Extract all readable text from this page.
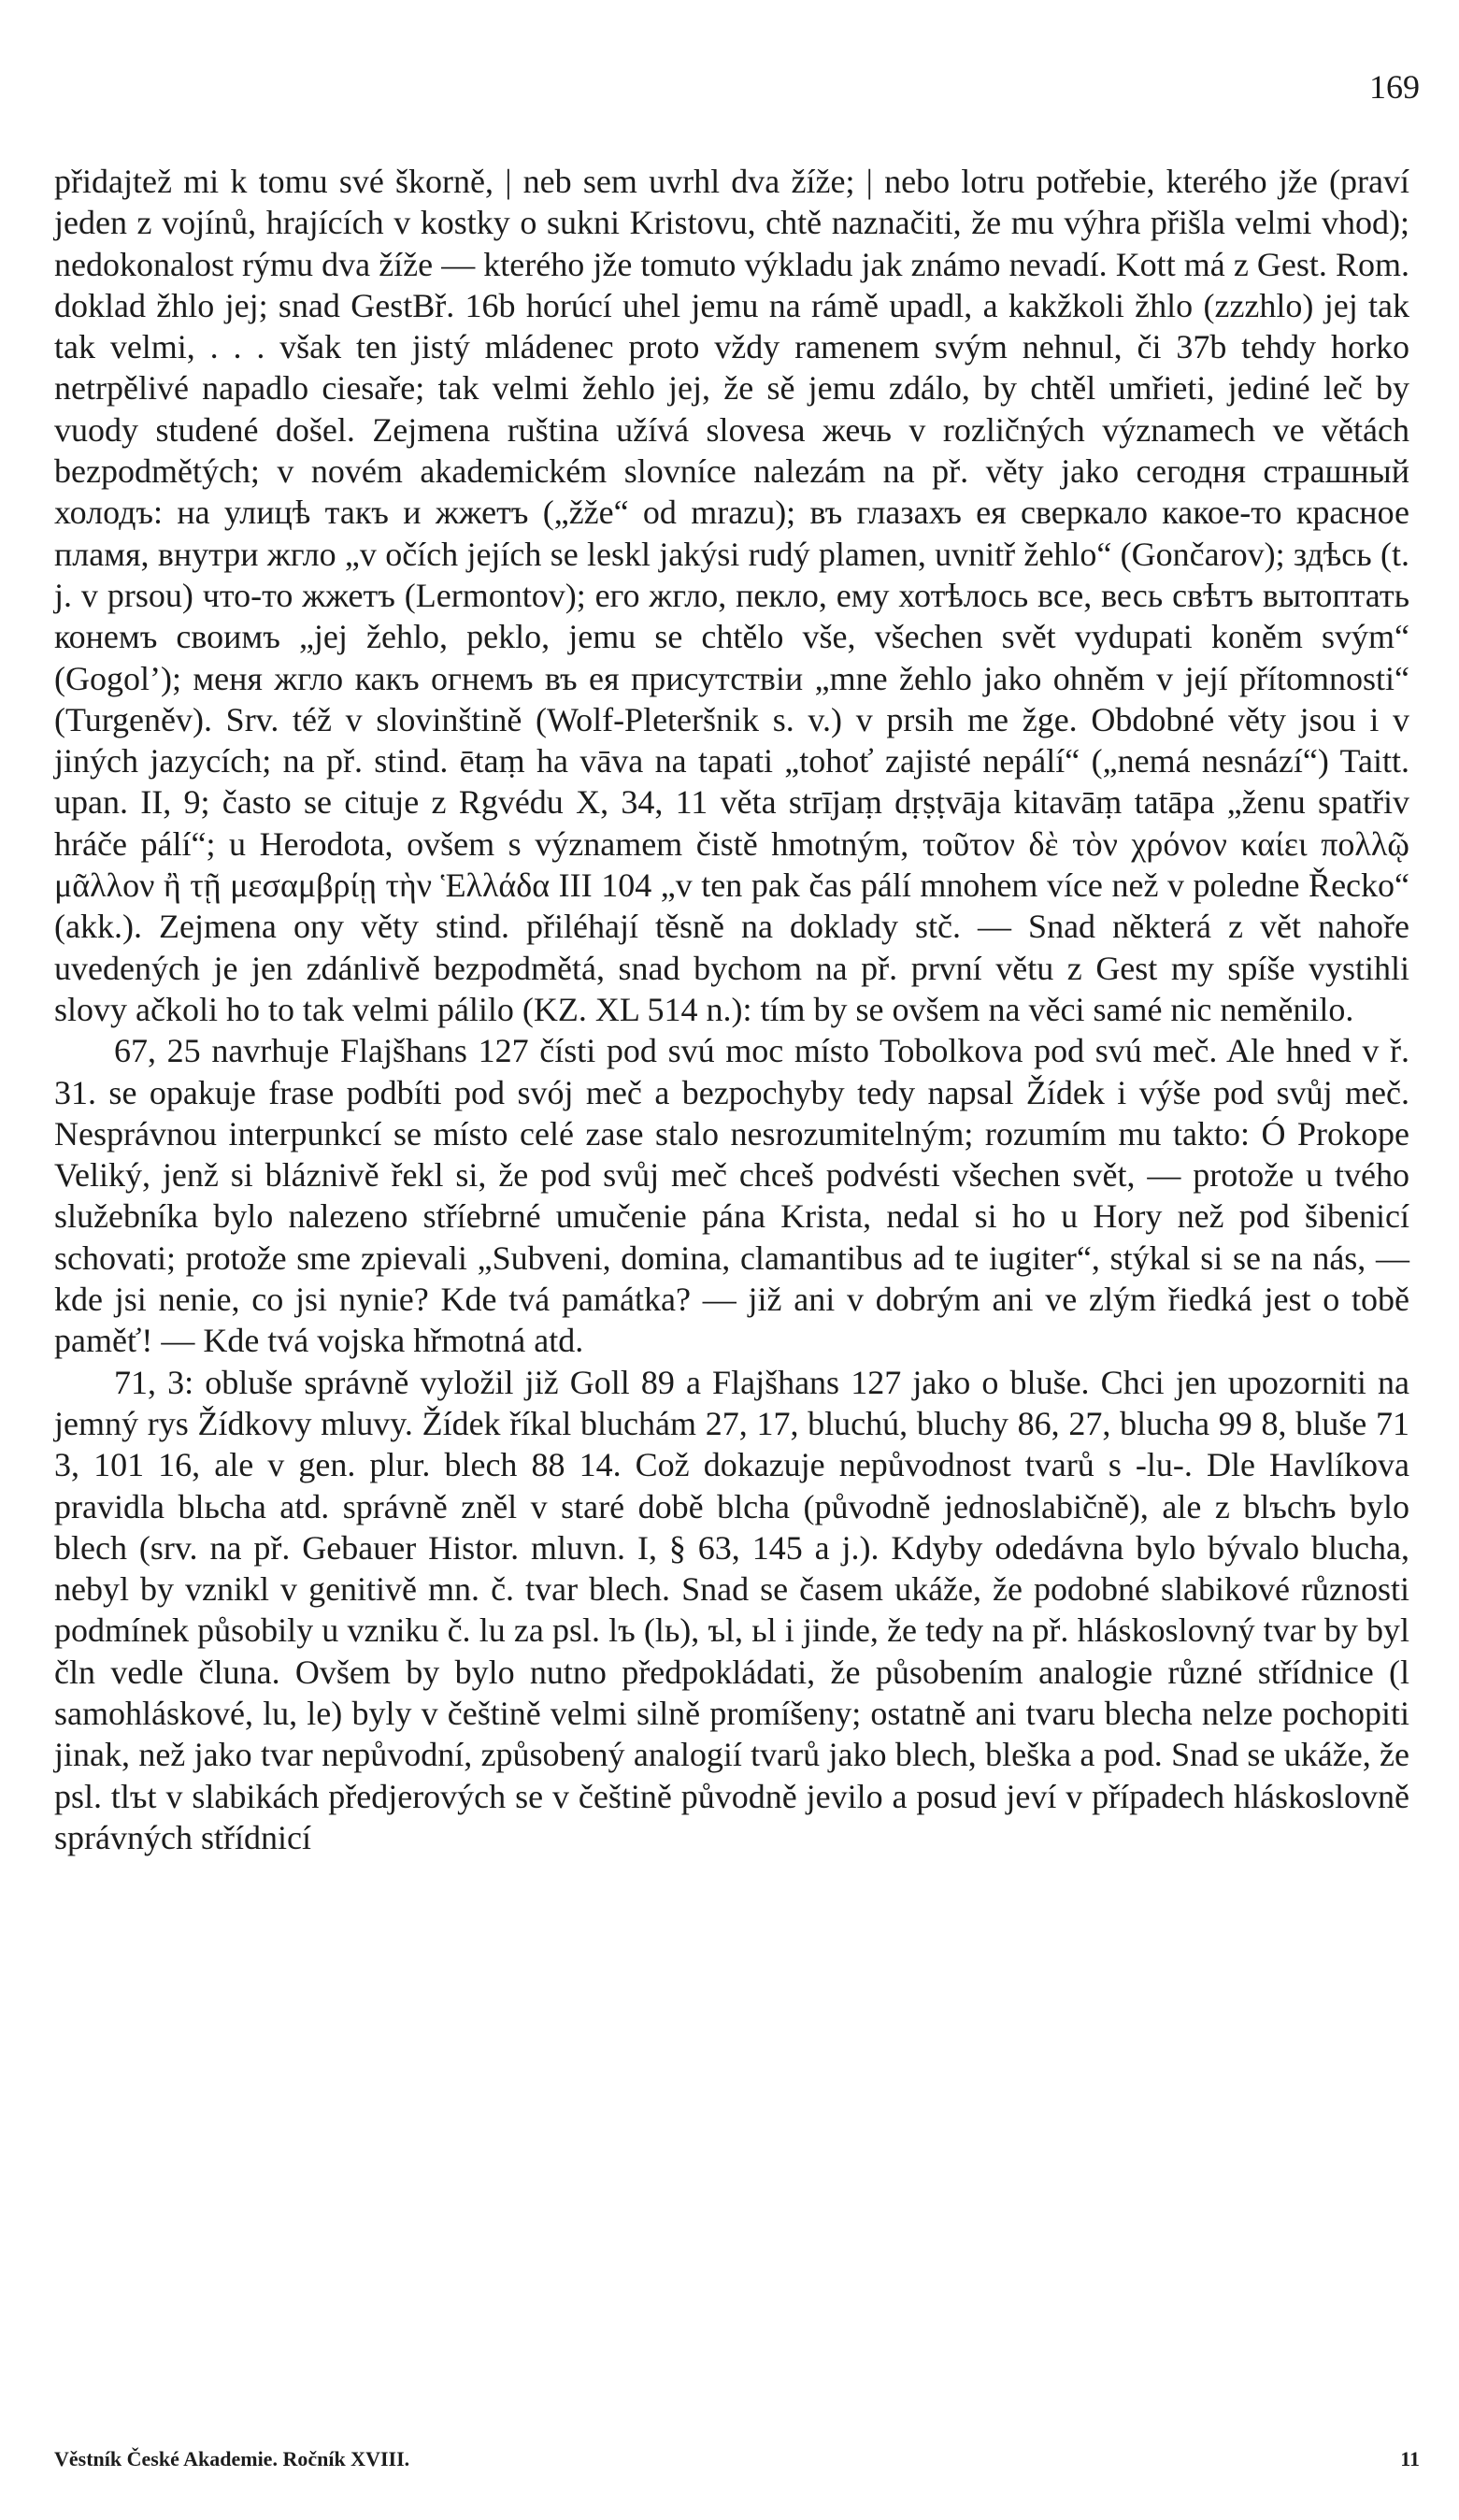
169

přidajtež mi k tomu své škorně, | neb sem uvrhl dva žíže; | nebo lotru potřebie, kterého jže (praví jeden z vojínů, hrajících v kostky o sukni Kristovu, chtě naznačiti, že mu výhra přišla velmi vhod); nedokonalost rýmu dva žíže — kterého jže tomuto výkladu jak známo nevadí. Kott má z Gest. Rom. doklad žhlo jej; snad GestBř. 16b horúcí uhel jemu na rámě upadl, a kakžkoli žhlo (zzzhlo) jej tak tak velmi, . . . však ten jistý mládenec proto vždy ramenem svým nehnul, či 37b tehdy horko netrpělivé napadlo ciesaře; tak velmi žehlo jej, že sě jemu zdálo, by chtěl umřieti, jediné leč by vuody studené došel. Zejmena ruština užívá slovesa жечь v rozličných významech ve větách bezpodmětých; v novém akademickém slovníce nalezám na př. věty jako сегодня страшный холодъ: на улицѣ такъ и жжетъ („žže“ od mrazu); въ глазахъ ея сверкало какое-то красное пламя, внутри жгло „v očích jejích se leskl jakýsi rudý plamen, uvnitř žehlo“ (Gončarov); здѣсь (t. j. v prsou) что-то жжетъ (Lermontov); его жгло, пекло, ему хотѣлось все, весь свѣтъ вытоптать конемъ своимъ „jej žehlo, peklo, jemu se chtělo vše, všechen svět vydupati koněm svým“ (Gogol’); меня жгло какъ огнемъ въ ея присутствіи „mne žehlo jako ohněm v její přítomnosti“ (Turgeněv). Srv. též v slovinštině (Wolf-Pleteršnik s. v.) v prsih me žge. Obdobné věty jsou i v jiných jazycích; na př. stind. ētaṃ ha vāva na tapati „tohoť zajisté nepálí“ („nemá nesnází“) Taitt. upan. II, 9; často se cituje z Rgvédu X, 34, 11 věta strījaṃ dṛṣṭvāja kitavāṃ tatāpa „ženu spatřiv hráče pálí“; u Herodota, ovšem s významem čistě hmotným, τοῦτον δὲ τὸν χρόνον καίει πολλῷ μᾶλλον ἢ τῇ μεσαμβρίῃ τὴν Ἑλλάδα III 104 „v ten pak čas pálí mnohem více než v poledne Řecko“ (akk.). Zejmena ony věty stind. přiléhají těsně na doklady stč. — Snad některá z vět nahoře uvedených je jen zdánlivě bezpodmětá, snad bychom na př. první větu z Gest my spíše vystihli slovy ačkoli ho to tak velmi pálilo (KZ. XL 514 n.): tím by se ovšem na věci samé nic neměnilo.

67, 25 navrhuje Flajšhans 127 čísti pod svú moc místo Tobolkova pod svú meč. Ale hned v ř. 31. se opakuje frase podbíti pod svój meč a bezpochyby tedy napsal Žídek i výše pod svůj meč. Nesprávnou interpunkcí se místo celé zase stalo nesrozumitelným; rozumím mu takto: Ó Prokope Veliký, jenž si bláznivě řekl si, že pod svůj meč chceš podvésti všechen svět, — protože u tvého služebníka bylo nalezeno stříebrné umučenie pána Krista, nedal si ho u Hory než pod šibenicí schovati; protože sme zpievali „Subveni, domina, clamantibus ad te iugiter“, stýkal si se na nás, — kde jsi nenie, co jsi nynie? Kde tvá památka? — již ani v dobrým ani ve zlým řiedká jest o tobě paměť! — Kde tvá vojska hřmotná atd.

71, 3: obluše správně vyložil již Goll 89 a Flajšhans 127 jako o bluše. Chci jen upozorniti na jemný rys Žídkovy mluvy. Žídek říkal bluchám 27, 17, bluchú, bluchy 86, 27, blucha 99 8, bluše 71 3, 101 16, ale v gen. plur. blech 88 14. Což dokazuje nepůvodnost tvarů s -lu-. Dle Havlíkova pravidla blьcha atd. správně zněl v staré době blcha (původně jednoslabičně), ale z blъchъ bylo blech (srv. na př. Gebauer Histor. mluvn. I, § 63, 145 a j.). Kdyby odedávna bylo bývalo blucha, nebyl by vznikl v genitivě mn. č. tvar blech. Snad se časem ukáže, že podobné slabikové různosti podmínek působily u vzniku č. lu za psl. lъ (lь), ъl, ьl i jinde, že tedy na př. hláskoslovný tvar by byl čln vedle člunа. Ovšem by bylo nutno předpokládati, že působením analogie různé střídnice (l samohláskové, lu, le) byly v češtině velmi silně promíšeny; ostatně ani tvaru blecha nelze pochopiti jinak, než jako tvar nepůvodní, způsobený analogií tvarů jako blech, bleška a pod. Snad se ukáže, že psl. tlъt v slabikách předjerových se v češtině původně jevilo a posud jeví v případech hláskoslovně správných střídnicí

Věstník České Akademie. Ročník XVIII.	11
